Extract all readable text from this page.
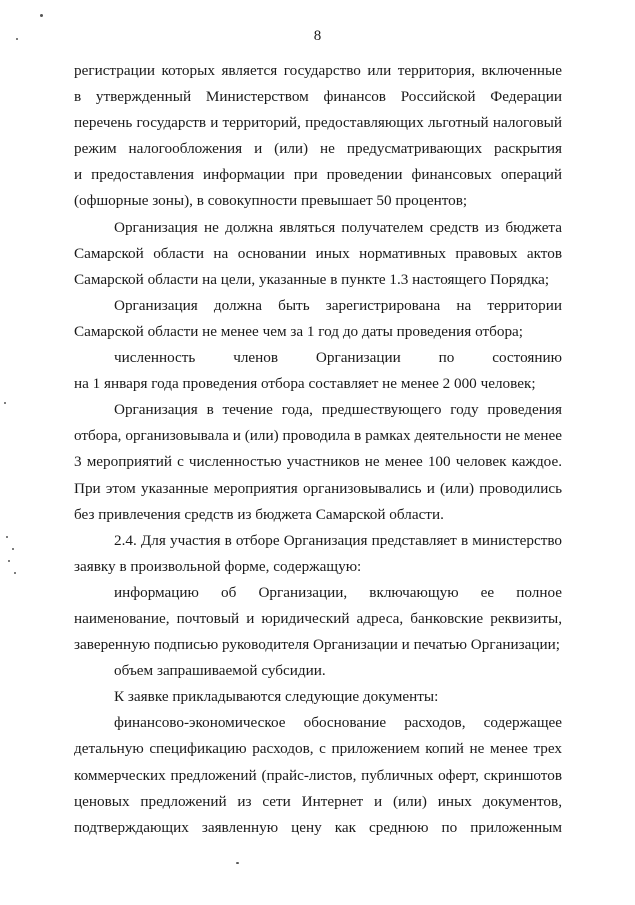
8

регистрации которых является государство или территория, включенные

в утвержденный Министерством финансов Российской Федерации

перечень государств и территорий, предоставляющих льготный налоговый

режим налогообложения и (или) не предусматривающих раскрытия

и предоставления информации при проведении финансовых операций

(офшорные зоны), в совокупности превышает 50 процентов;

Организация не должна являться получателем средств из бюджета

Самарской области на основании иных нормативных правовых актов

Самарской области на цели, указанные в пункте 1.3 настоящего Порядка;

Организация должна быть зарегистрирована на территории

Самарской области не менее чем за 1 год до даты проведения отбора;

численность членов Организации по состоянию

на 1 января года проведения отбора составляет не менее 2 000 человек;

Организация в течение года, предшествующего году проведения

отбора, организовывала и (или) проводила в рамках деятельности не менее

3 мероприятий с численностью участников не менее 100 человек каждое.

При этом указанные мероприятия организовывались и (или) проводились

без привлечения средств из бюджета Самарской области.

2.4. Для участия в отборе Организация представляет в министерство

заявку в произвольной форме, содержащую:

информацию об Организации, включающую ее полное

наименование, почтовый и юридический адреса, банковские реквизиты,

заверенную подписью руководителя Организации и печатью Организации;

объем запрашиваемой субсидии.

К заявке прикладываются следующие документы:

финансово-экономическое обоснование расходов, содержащее

детальную спецификацию расходов, с приложением копий не менее трех

коммерческих предложений (прайс-листов, публичных оферт, скриншотов

ценовых предложений из сети Интернет и (или) иных документов,

подтверждающих заявленную цену как среднюю по приложенным
